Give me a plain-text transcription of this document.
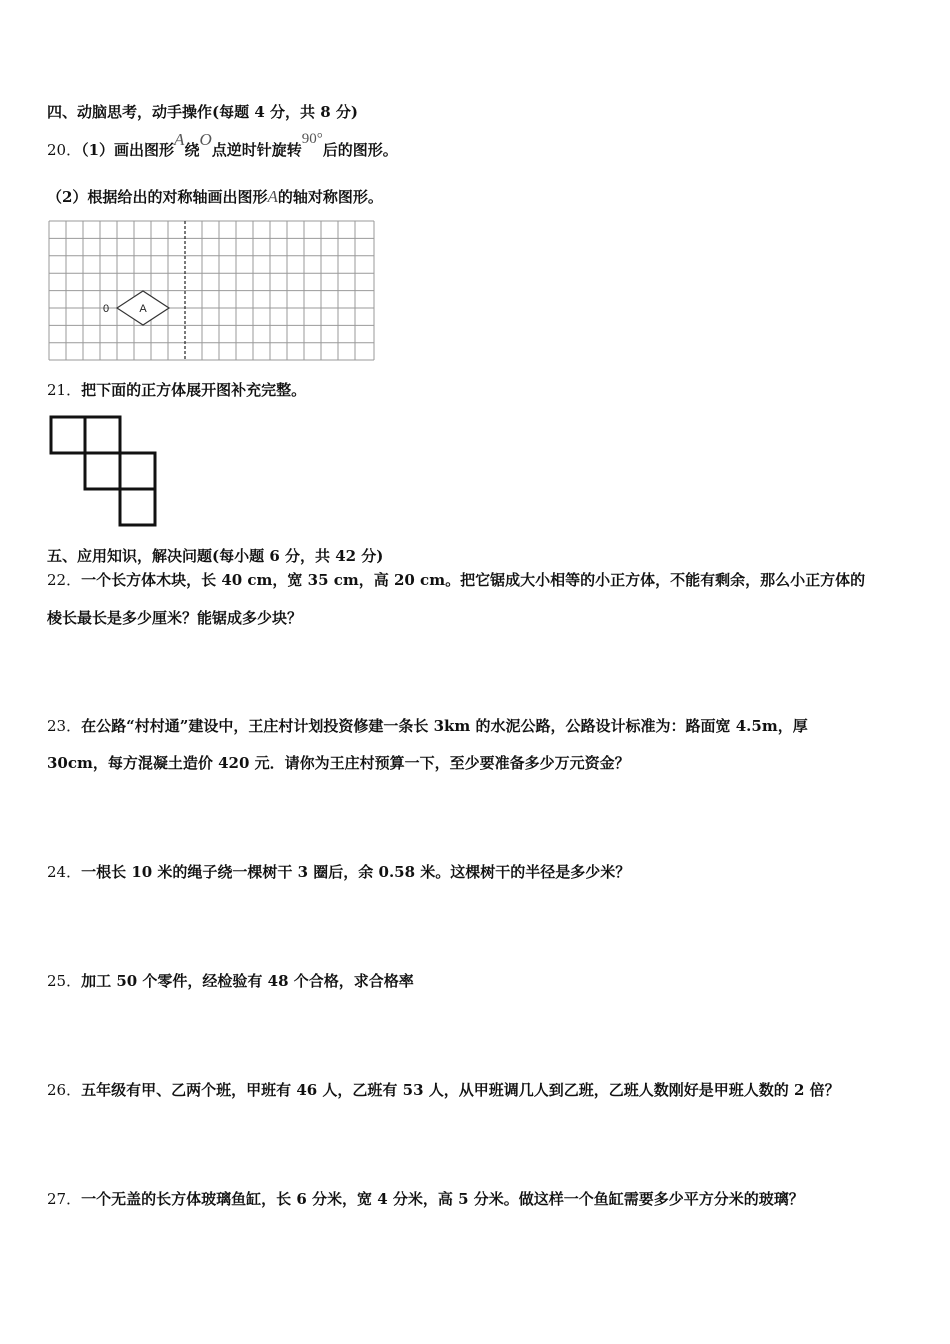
四、动脑思考，动手操作(每题 4 分，共 8 分)
20．（1）画出图形A绕O点逆时针旋转90°后的图形。
（2）根据给出的对称轴画出图形A的轴对称图形。
0	A
21．把下面的正方体展开图补充完整。
五、应用知识，解决问题(每小题 6 分，共 42 分)
22．一个长方体木块，长 40 cm，宽 35 cm，高 20 cm。把它锯成大小相等的小正方体，不能有剩余，那么小正方体的
棱长最长是多少厘米？能锯成多少块？
23．在公路“村村通”建设中，王庄村计划投资修建一条长 3km 的水泥公路，公路设计标准为：路面宽 4.5m，厚
30cm，每方混凝土造价 420 元．请你为王庄村预算一下，至少要准备多少万元资金？
24．一根长 10 米的绳子绕一棵树干 3 圈后，余 0.58 米。这棵树干的半径是多少米？
25．加工 50 个零件，经检验有 48 个合格，求合格率
26．五年级有甲、乙两个班，甲班有 46 人，乙班有 53 人，从甲班调几人到乙班，乙班人数刚好是甲班人数的 2 倍？
27．一个无盖的长方体玻璃鱼缸，长 6 分米，宽 4 分米，高 5 分米。做这样一个鱼缸需要多少平方分米的玻璃？
